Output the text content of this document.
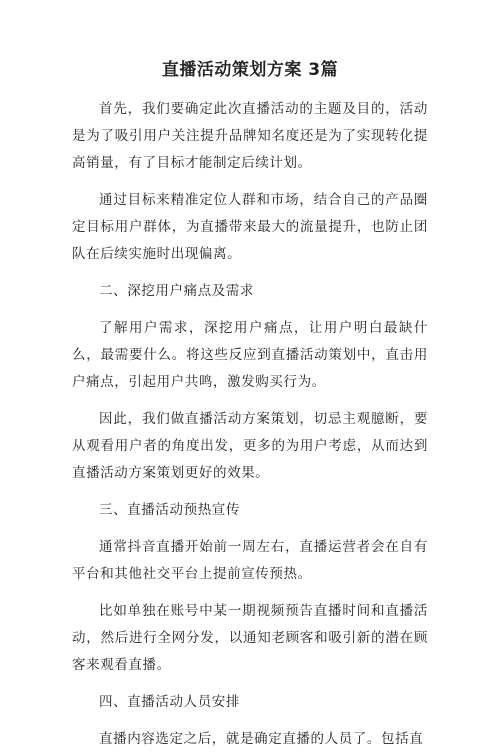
直播活动策划方案 3篇

首先，我们要确定此次直播活动的主题及目的，活动是为了吸引用户关注提升品牌知名度还是为了实现转化提高销量，有了目标才能制定后续计划。

通过目标来精准定位人群和市场，结合自己的产品圈定目标用户群体，为直播带来最大的流量提升，也防止团队在后续实施时出现偏离。

二、深挖用户痛点及需求

了解用户需求，深挖用户痛点，让用户明白最缺什么，最需要什么。将这些反应到直播活动策划中，直击用户痛点，引起用户共鸣，激发购买行为。

因此，我们做直播活动方案策划，切忌主观臆断，要从观看用户者的角度出发，更多的为用户考虑，从而达到直播活动方案策划更好的效果。

三、直播活动预热宣传

通常抖音直播开始前一周左右，直播运营者会在自有平台和其他社交平台上提前宣传预热。

比如单独在账号中某一期视频预告直播时间和直播活动，然后进行全网分发，以通知老顾客和吸引新的潜在顾客来观看直播。

四、直播活动人员安排

直播内容选定之后，就是确定直播的人员了。包括直
